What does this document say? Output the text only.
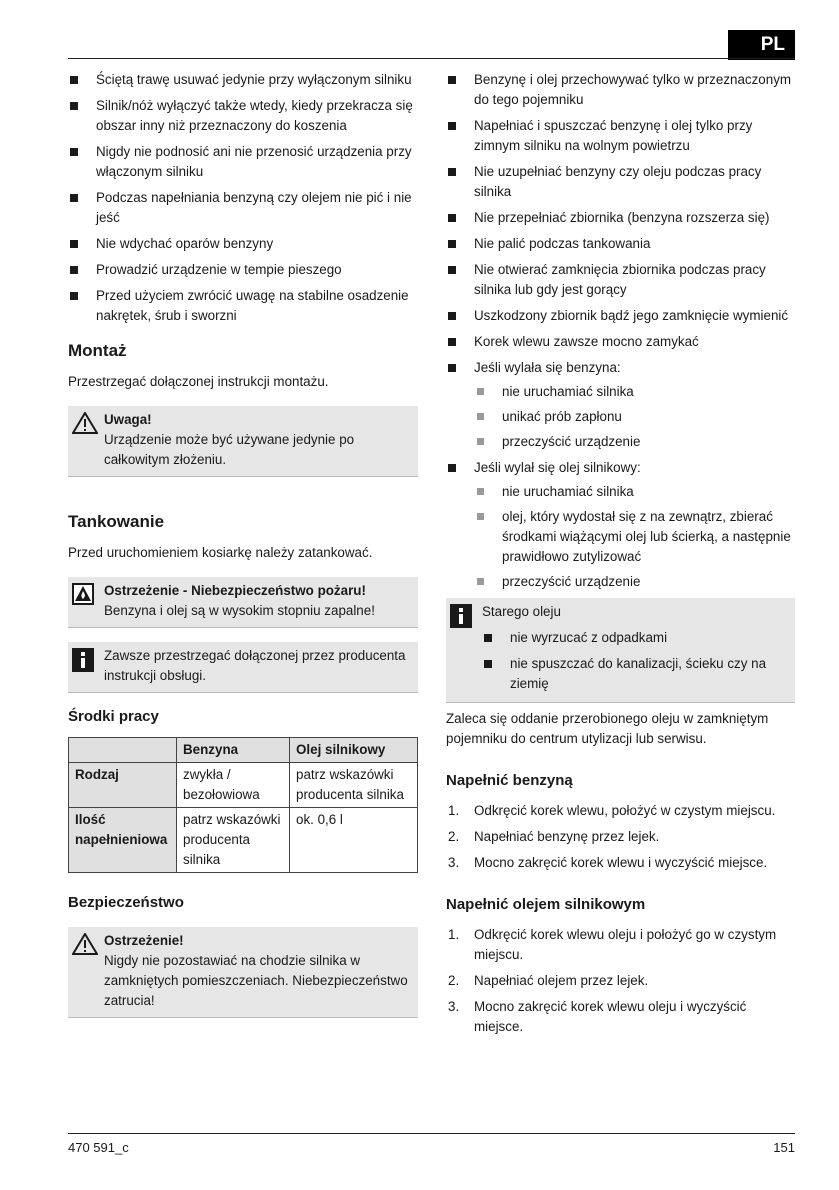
PL
Ściętą trawę usuwać jedynie przy wyłączonym silniku
Silnik/nóż wyłączyć także wtedy, kiedy przekracza się obszar inny niż przeznaczony do koszenia
Nigdy nie podnosić ani nie przenosić urządzenia przy włączonym silniku
Podczas napełniania benzyną czy olejem nie pić i nie jeść
Nie wdychać oparów benzyny
Prowadzić urządzenie w tempie pieszego
Przed użyciem zwrócić uwagę na stabilne osadzenie nakrętek, śrub i sworzni
Montaż

Przestrzegać dołączonej instrukcji montażu.

Uwaga!
Urządzenie może być używane jedynie po całkowitym złożeniu.
Tankowanie

Przed uruchomieniem kosiarkę należy zatankować.

Ostrzeżenie - Niebezpieczeństwo pożaru!
Benzyna i olej są w wysokim stopniu zapalne!
Zawsze przestrzegać dołączonej przez producenta instrukcji obsługi.
Środki pracy
	Benzyna	Olej silnikowy
Rodzaj	zwykła / bezołowiowa	patrz wskazówki producenta silnika
Ilość napełnieniowa	patrz wskazówki producenta silnika	ok. 0,6 l
Bezpieczeństwo
Ostrzeżenie!
Nigdy nie pozostawiać na chodzie silnika w zamkniętych pomieszczeniach. Niebezpieczeństwo zatrucia!
Benzynę i olej przechowywać tylko w przeznaczonym do tego pojemniku
Napełniać i spuszczać benzynę i olej tylko przy zimnym silniku na wolnym powietrzu
Nie uzupełniać benzyny czy oleju podczas pracy silnika
Nie przepełniać zbiornika (benzyna rozszerza się)
Nie palić podczas tankowania
Nie otwierać zamknięcia zbiornika podczas pracy silnika lub gdy jest gorący
Uszkodzony zbiornik bądź jego zamknięcie wymienić
Korek wlewu zawsze mocno zamykać
Jeśli wylała się benzyna:
nie uruchamiać silnika
unikać prób zapłonu
przeczyścić urządzenie
Jeśli wylał się olej silnikowy:
nie uruchamiać silnika
olej, który wydostał się z na zewnątrz, zbierać środkami wiążącymi olej lub ścierką, a następnie prawidłowo zutylizować
przeczyścić urządzenie
Starego oleju
nie wyrzucać z odpadkami
nie spuszczać do kanalizacji, ścieku czy na ziemię

Zaleca się oddanie przerobionego oleju w zamkniętym pojemniku do centrum utylizacji lub serwisu.

Napełnić benzyną
1. Odkręcić korek wlewu, położyć w czystym miejscu.
2. Napełniać benzynę przez lejek.
3. Mocno zakręcić korek wlewu i wyczyścić miejsce.
Napełnić olejem silnikowym
1. Odkręcić korek wlewu oleju i położyć go w czystym miejscu.
2. Napełniać olejem przez lejek.
3. Mocno zakręcić korek wlewu oleju i wyczyścić miejsce.
470 591_c	151
